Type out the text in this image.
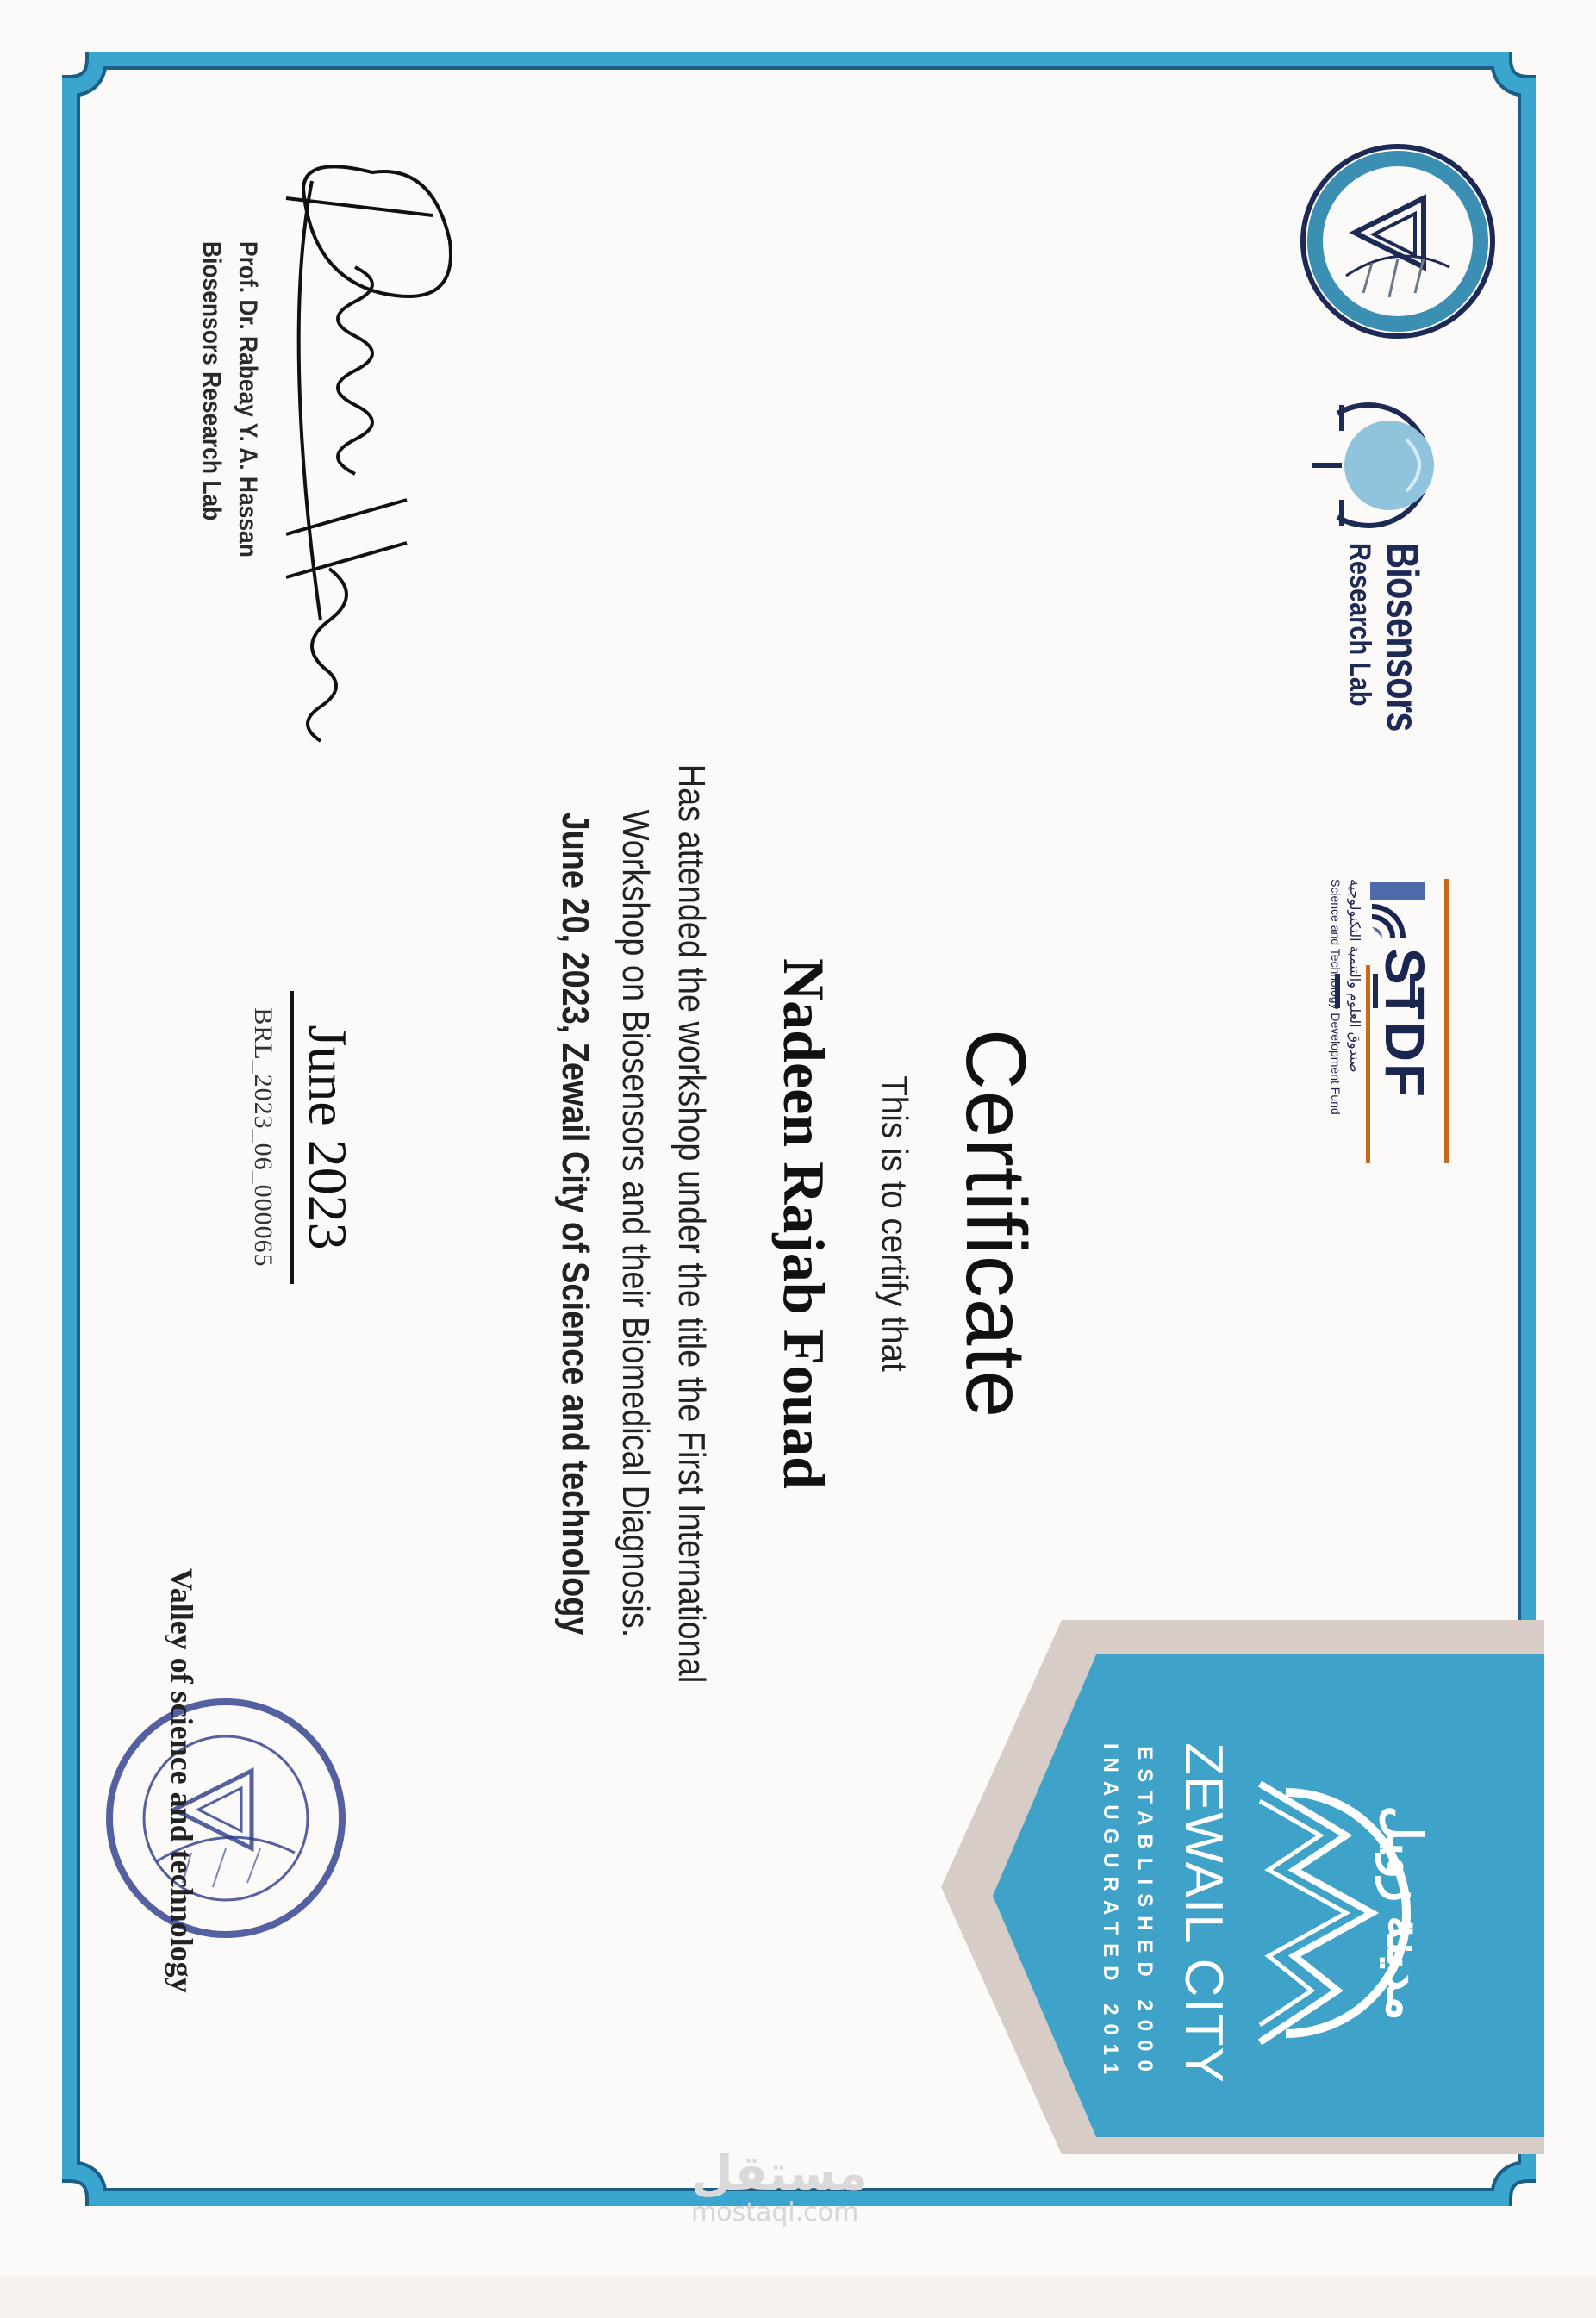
مدينة زويل
ZEWAIL CITY
ESTABLISHED 2000
INAUGURATED 2011
Biosensors
Research Lab
STDF
صندوق العلوم والتنمية التكنولوجية
Science and Technology Development Fund
Certificate
This is to certify that
Nadeen Rajab Fouad
Has attended the workshop under the title the First International
Workshop on Biosensors and their Biomedical Diagnosis.
June 20, 2023, Zewail City of Science and technology
Prof. Dr. Rabeay Y. A. Hassan
Biosensors Research Lab
June 2023
BRL_2023_06_000065
Valley of science and technology
مستقل
mostaql.com
